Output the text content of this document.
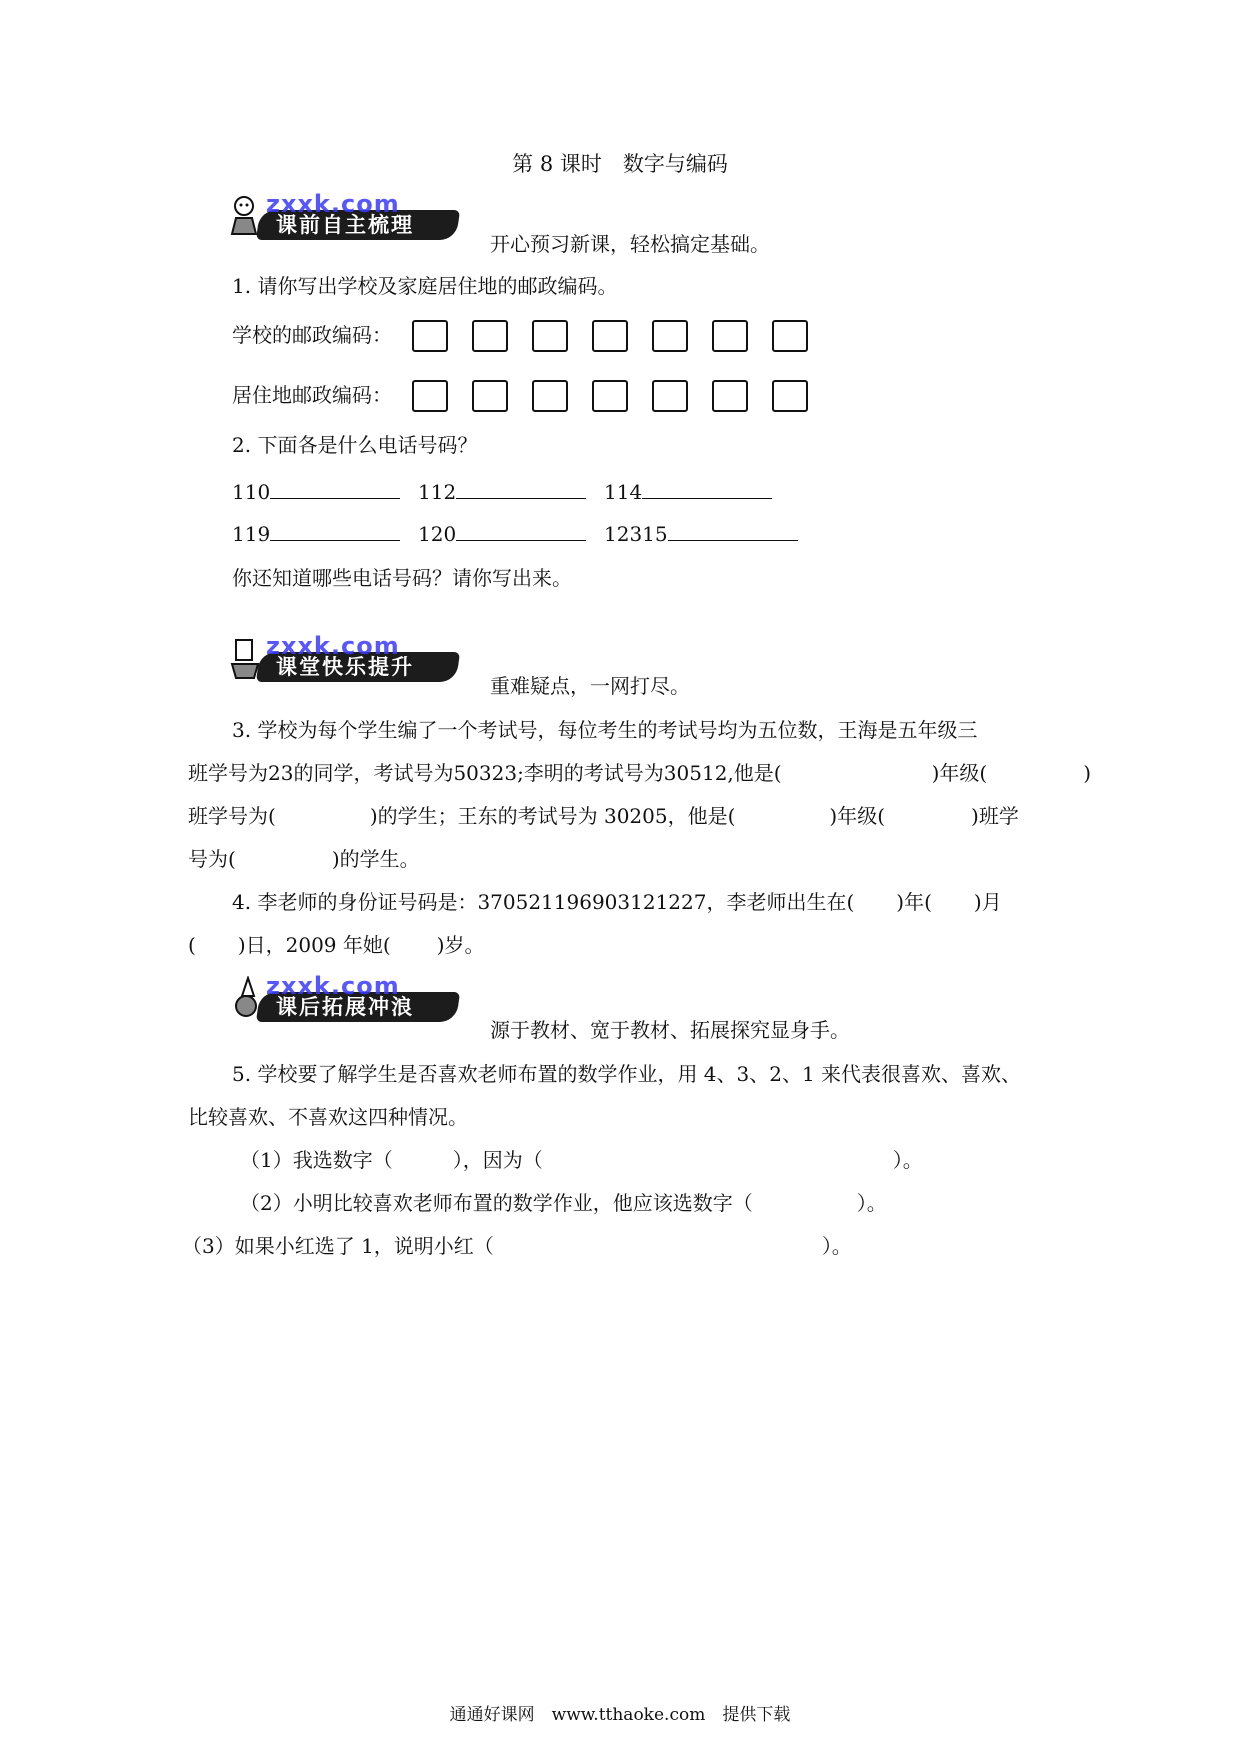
第 8 课时　数字与编码
课前自主梳理
zxxk.com
开心预习新课，轻松搞定基础。
1. 请你写出学校及家庭居住地的邮政编码。
学校的邮政编码：
居住地邮政编码：
2. 下面各是什么电话号码？
110	112	114
119	120	12315
你还知道哪些电话号码？请你写出来。
课堂快乐提升
zxxk.com
重难疑点，一网打尽。
3. 学校为每个学生编了一个考试号，每位考生的考试号均为五位数，王海是五年级三
班学号为23的同学，考试号为50323;李明的考试号为30512,他是(	)年级(	)
班学号为(	)的学生；王东的考试号为 30205，他是(	)年级(	)班学
号为(	)的学生。
4. 李老师的身份证号码是：370521196903121227，李老师出生在( )年( )月
( )日，2009 年她( )岁。
课后拓展冲浪
zxxk.com
源于教材、宽于教材、拓展探究显身手。
5. 学校要了解学生是否喜欢老师布置的数学作业，用 4、3、2、1 来代表很喜欢、喜欢、
比较喜欢、不喜欢这四种情况。
（1）我选数字（	），因为（	）。
（2）小明比较喜欢老师布置的数学作业，他应该选数字（	）。
（3）如果小红选了 1，说明小红（	）。
通通好课网　www.tthaoke.com　提供下载
